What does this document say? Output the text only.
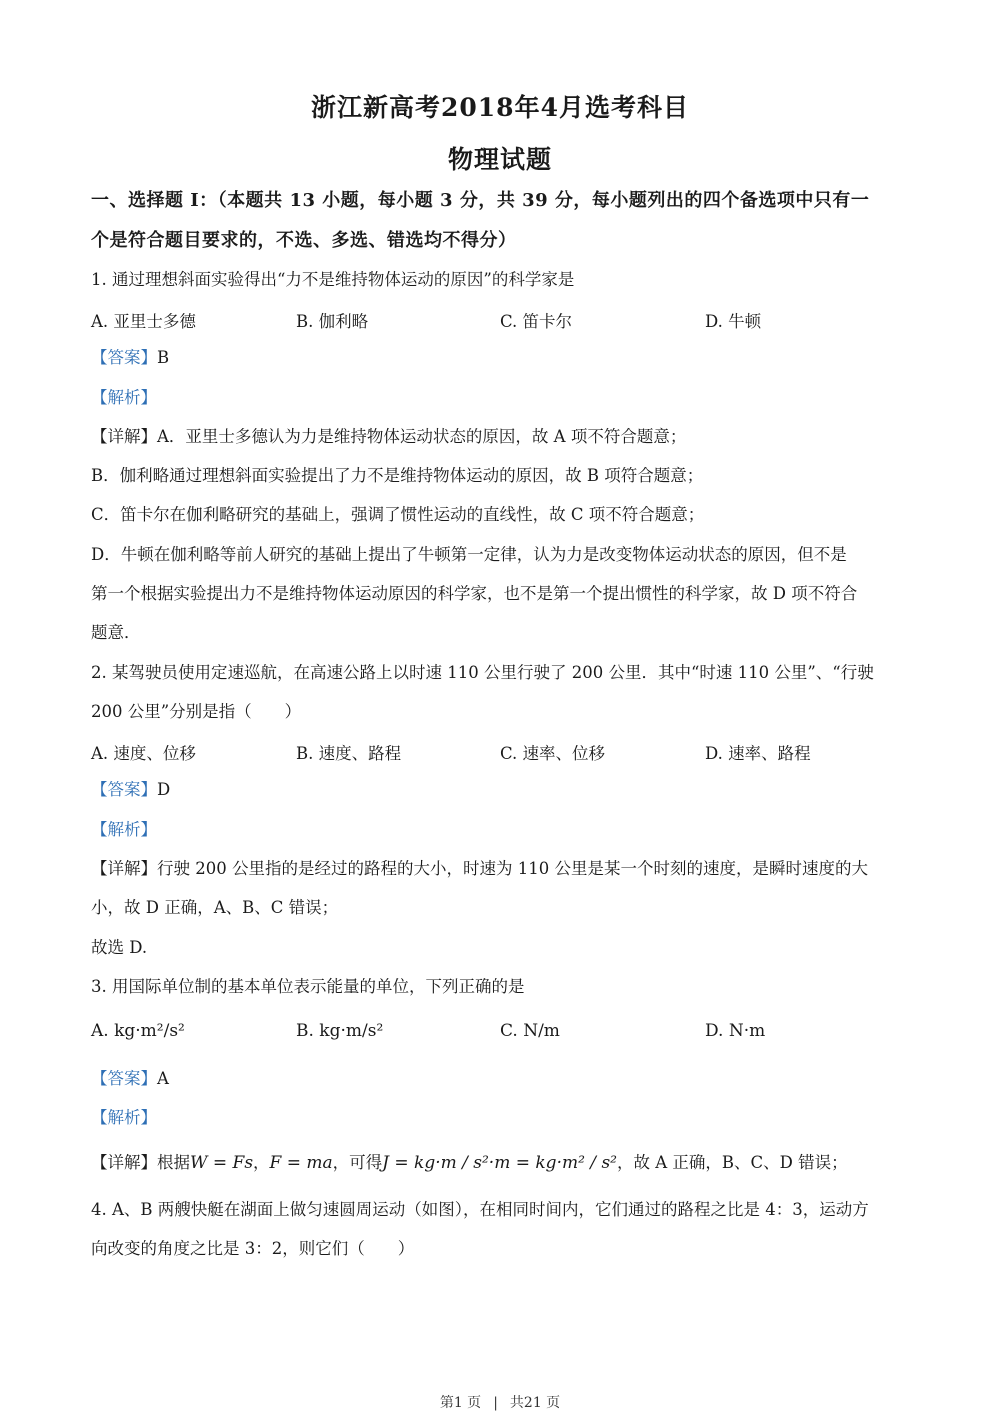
浙江新高考2018年4月选考科目
物理试题
一、选择题 I：（本题共 13 小题，每小题 3 分，共 39 分，每小题列出的四个备选项中只有一
个是符合题目要求的，不选、多选、错选均不得分）
1. 通过理想斜面实验得出“力不是维持物体运动的原因”的科学家是
A. 亚里士多德	B. 伽利略	C. 笛卡尔	D. 牛顿
【答案】B
【解析】
【详解】A．亚里士多德认为力是维持物体运动状态的原因，故 A 项不符合题意；
B．伽利略通过理想斜面实验提出了力不是维持物体运动的原因，故 B 项符合题意；
C．笛卡尔在伽利略研究的基础上，强调了惯性运动的直线性，故 C 项不符合题意；
D．牛顿在伽利略等前人研究的基础上提出了牛顿第一定律，认为力是改变物体运动状态的原因，但不是
第一个根据实验提出力不是维持物体运动原因的科学家，也不是第一个提出惯性的科学家，故 D 项不符合
题意．
2. 某驾驶员使用定速巡航，在高速公路上以时速 110 公里行驶了 200 公里．其中“时速 110 公里”、“行驶
200 公里”分别是指（　　）
A. 速度、位移	B. 速度、路程	C. 速率、位移	D. 速率、路程
【答案】D
【解析】
【详解】行驶 200 公里指的是经过的路程的大小，时速为 110 公里是某一个时刻的速度，是瞬时速度的大
小，故 D 正确，A、B、C 错误；
故选 D.
3. 用国际单位制的基本单位表示能量的单位，下列正确的是
A. kg·m²/s²	B. kg·m/s²	C. N/m	D. N·m
【答案】A
【解析】
【详解】根据W = Fs，F = ma，可得J = kg·m / s²·m = kg·m² / s²，故 A 正确，B、C、D 错误；
4. A、B 两艘快艇在湖面上做匀速圆周运动（如图），在相同时间内，它们通过的路程之比是 4：3，运动方
向改变的角度之比是 3：2，则它们（　　）
第1 页 | 共21 页
